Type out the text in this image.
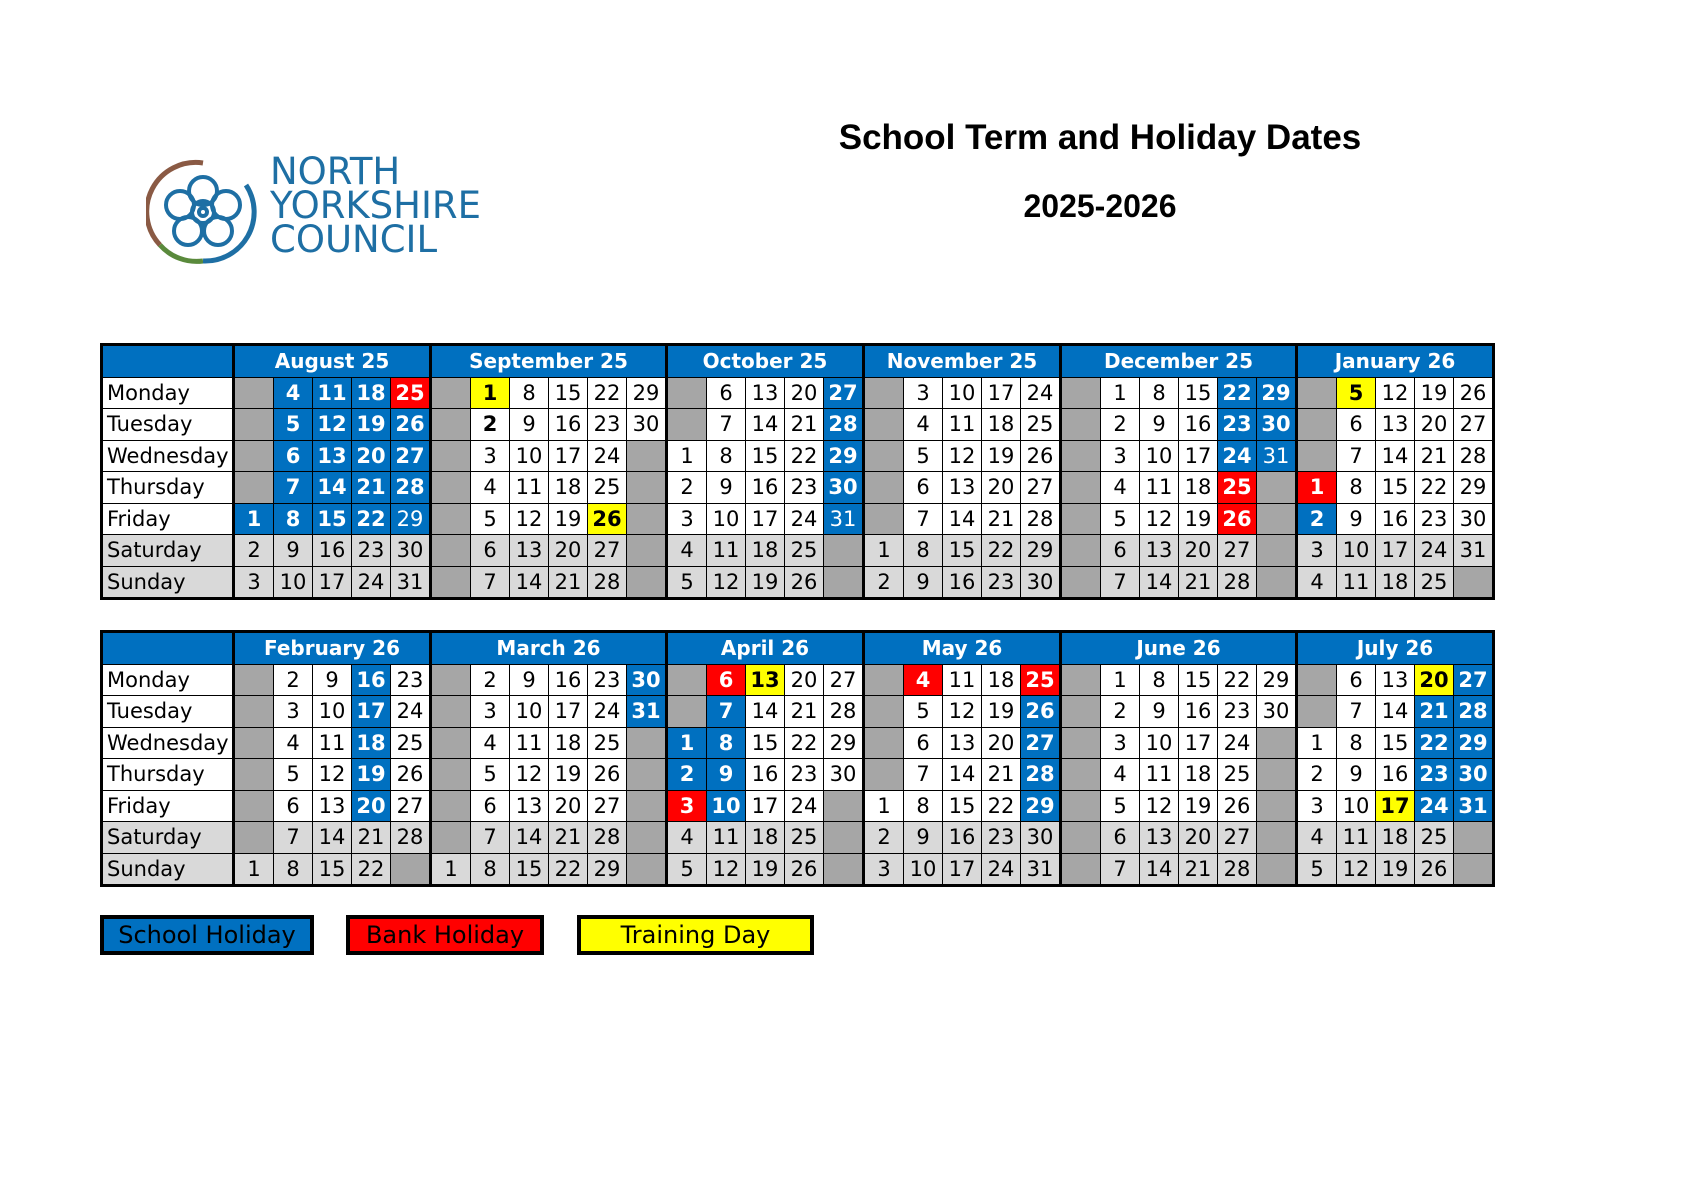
NORTH
YORKSHIRE
COUNCIL
School Term and Holiday Dates
2025-2026
	August 25					September 25						October 25					November 25					December 25						January 26				
Monday		4	11	18	25		1	8	15	22	29		6	13	20	27		3	10	17	24		1	8	15	22	29		5	12	19	26
Tuesday		5	12	19	26		2	9	16	23	30		7	14	21	28		4	11	18	25		2	9	16	23	30		6	13	20	27
Wednesday		6	13	20	27		3	10	17	24		1	8	15	22	29		5	12	19	26		3	10	17	24	31		7	14	21	28
Thursday		7	14	21	28		4	11	18	25		2	9	16	23	30		6	13	20	27		4	11	18	25		1	8	15	22	29
Friday	1	8	15	22	29		5	12	19	26		3	10	17	24	31		7	14	21	28		5	12	19	26		2	9	16	23	30
Saturday	2	9	16	23	30		6	13	20	27		4	11	18	25		1	8	15	22	29		6	13	20	27		3	10	17	24	31
Sunday	3	10	17	24	31		7	14	21	28		5	12	19	26		2	9	16	23	30		7	14	21	28		4	11	18	25	
	February 26					March 26						April 26					May 26					June 26						July 26				
Monday		2	9	16	23		2	9	16	23	30		6	13	20	27		4	11	18	25		1	8	15	22	29		6	13	20	27
Tuesday		3	10	17	24		3	10	17	24	31		7	14	21	28		5	12	19	26		2	9	16	23	30		7	14	21	28
Wednesday		4	11	18	25		4	11	18	25		1	8	15	22	29		6	13	20	27		3	10	17	24		1	8	15	22	29
Thursday		5	12	19	26		5	12	19	26		2	9	16	23	30		7	14	21	28		4	11	18	25		2	9	16	23	30
Friday		6	13	20	27		6	13	20	27		3	10	17	24		1	8	15	22	29		5	12	19	26		3	10	17	24	31
Saturday		7	14	21	28		7	14	21	28		4	11	18	25		2	9	16	23	30		6	13	20	27		4	11	18	25	
Sunday	1	8	15	22		1	8	15	22	29		5	12	19	26		3	10	17	24	31		7	14	21	28		5	12	19	26	
School Holiday	Bank Holiday	Training Day
